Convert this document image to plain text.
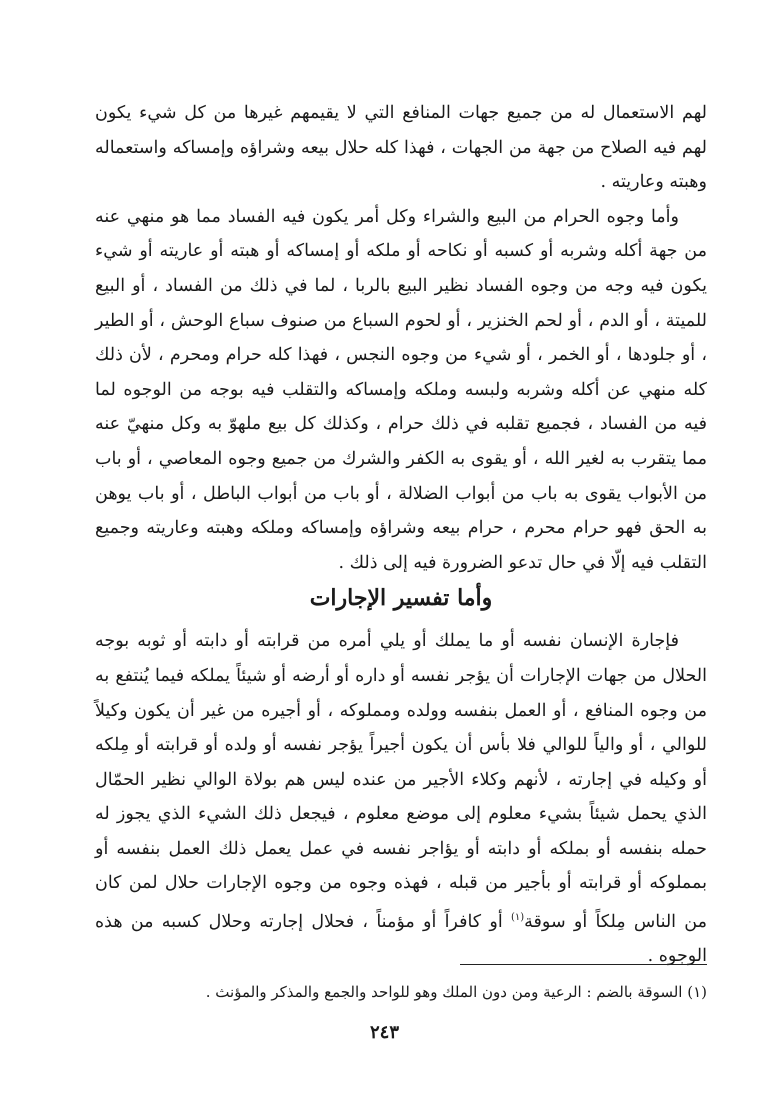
لهم الاستعمال له من جميع جهات المنافع التي لا يقيمهم غيرها من كل شيء يكون لهم فيه الصلاح من جهة من الجهات ، فهذا كله حلال بيعه وشراؤه وإمساكه واستعماله وهبته وعاريته .

وأما وجوه الحرام من البيع والشراء وكل أمر يكون فيه الفساد مما هو منهي عنه من جهة أكله وشربه أو كسبه أو نكاحه أو ملكه أو إمساكه أو هبته أو عاريته أو شيء يكون فيه وجه من وجوه الفساد نظير البيع بالربا ، لما في ذلك من الفساد ، أو البيع للميتة ، أو الدم ، أو لحم الخنزير ، أو لحوم السباع من صنوف سباع الوحش ، أو الطير ، أو جلودها ، أو الخمر ، أو شيء من وجوه النجس ، فهذا كله حرام ومحرم ، لأن ذلك كله منهي عن أكله وشربه ولبسه وملكه وإمساكه والتقلب فيه بوجه من الوجوه لما فيه من الفساد ، فجميع تقلبه في ذلك حرام ، وكذلك كل بيع ملهوّ به وكل منهيّ عنه مما يتقرب به لغير الله ، أو يقوى به الكفر والشرك من جميع وجوه المعاصي ، أو باب من الأبواب يقوى به باب من أبواب الضلالة ، أو باب من أبواب الباطل ، أو باب يوهن به الحق فهو حرام محرم ، حرام بيعه وشراؤه وإمساكه وملكه وهبته وعاريته وجميع التقلب فيه إلّا في حال تدعو الضرورة فيه إلى ذلك .

وأما تفسير الإجارات

فإجارة الإنسان نفسه أو ما يملك أو يلي أمره من قرابته أو دابته أو ثوبه بوجه الحلال من جهات الإجارات أن يؤجر نفسه أو داره أو أرضه أو شيئاً يملكه فيما يُنتفع به من وجوه المنافع ، أو العمل بنفسه وولده ومملوكه ، أو أجيره من غير أن يكون وكيلاً للوالي ، أو والياً للوالي فلا بأس أن يكون أجيراً يؤجر نفسه أو ولده أو قرابته أو مِلكه أو وكيله في إجارته ، لأنهم وكلاء الأجير من عنده ليس هم بولاة الوالي نظير الحمّال الذي يحمل شيئاً بشيء معلوم إلى موضع معلوم ، فيجعل ذلك الشيء الذي يجوز له حمله بنفسه أو بملكه أو دابته أو يؤاجر نفسه في عمل يعمل ذلك العمل بنفسه أو بمملوكه أو قرابته أو بأجير من قبله ، فهذه وجوه من وجوه الإجارات حلال لمن كان من الناس مِلكاً أو سوقة$^{(١)}$ أو كافراً أو مؤمناً ، فحلال إجارته وحلال كسبه من هذه الوجوه .

(١) السوقة بالضم : الرعية ومن دون الملك وهو للواحد والجمع والمذكر والمؤنث .
٢٤٣
